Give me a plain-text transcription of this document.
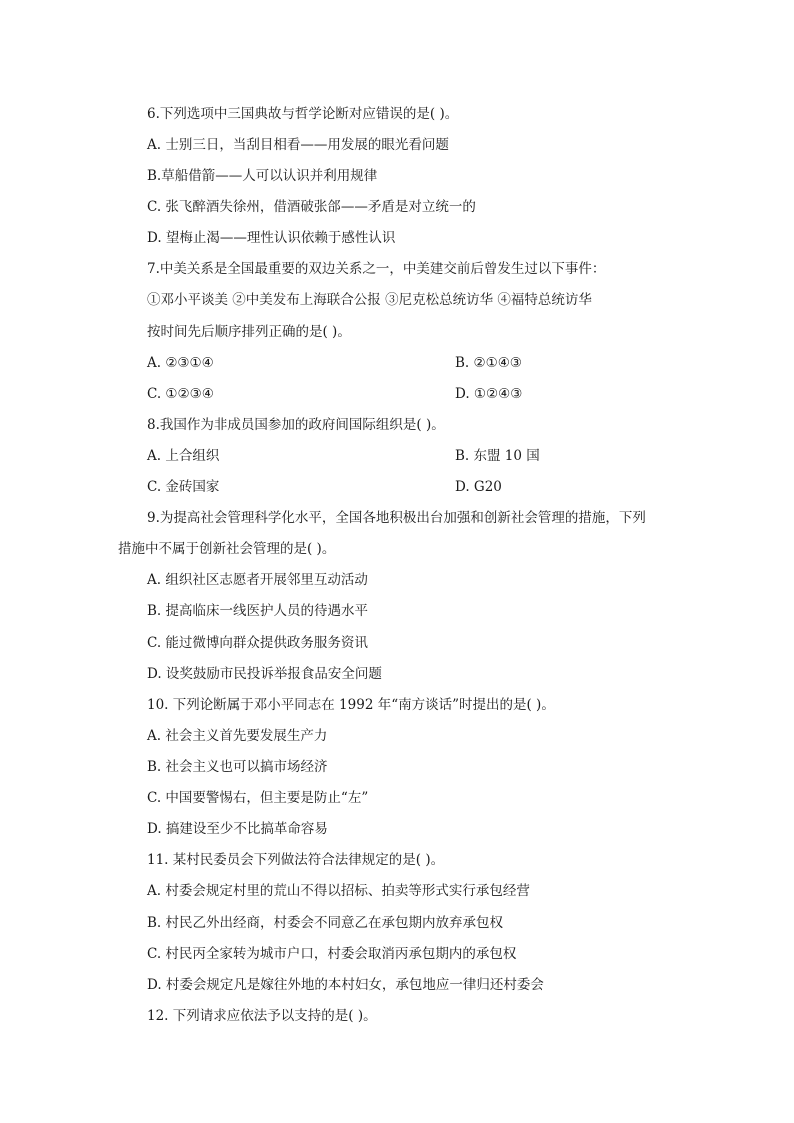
6.下列选项中三国典故与哲学论断对应错误的是( )。
A. 士别三日，当刮目相看——用发展的眼光看问题
B.草船借箭——人可以认识并利用规律
C. 张飞醉酒失徐州，借酒破张郃——矛盾是对立统一的
D. 望梅止渴——理性认识依赖于感性认识
7.中美关系是全国最重要的双边关系之一，中美建交前后曾发生过以下事件：
①邓小平谈美 ②中美发布上海联合公报 ③尼克松总统访华 ④福特总统访华
按时间先后顺序排列正确的是( )。
A. ②③①④	B. ②①④③
C. ①②③④	D. ①②④③
8.我国作为非成员国参加的政府间国际组织是( )。
A. 上合组织	B. 东盟 10 国
C. 金砖国家	D. G20
9.为提高社会管理科学化水平，全国各地积极出台加强和创新社会管理的措施，下列
措施中不属于创新社会管理的是( )。
A. 组织社区志愿者开展邻里互动活动
B. 提高临床一线医护人员的待遇水平
C. 能过微博向群众提供政务服务资讯
D. 设奖鼓励市民投诉举报食品安全问题
10. 下列论断属于邓小平同志在 1992 年“南方谈话”时提出的是( )。
A. 社会主义首先要发展生产力
B. 社会主义也可以搞市场经济
C. 中国要警惕右，但主要是防止“左”
D. 搞建设至少不比搞革命容易
11. 某村民委员会下列做法符合法律规定的是( )。
A. 村委会规定村里的荒山不得以招标、拍卖等形式实行承包经营
B. 村民乙外出经商，村委会不同意乙在承包期内放弃承包权
C. 村民丙全家转为城市户口，村委会取消丙承包期内的承包权
D. 村委会规定凡是嫁往外地的本村妇女，承包地应一律归还村委会
12. 下列请求应依法予以支持的是( )。
